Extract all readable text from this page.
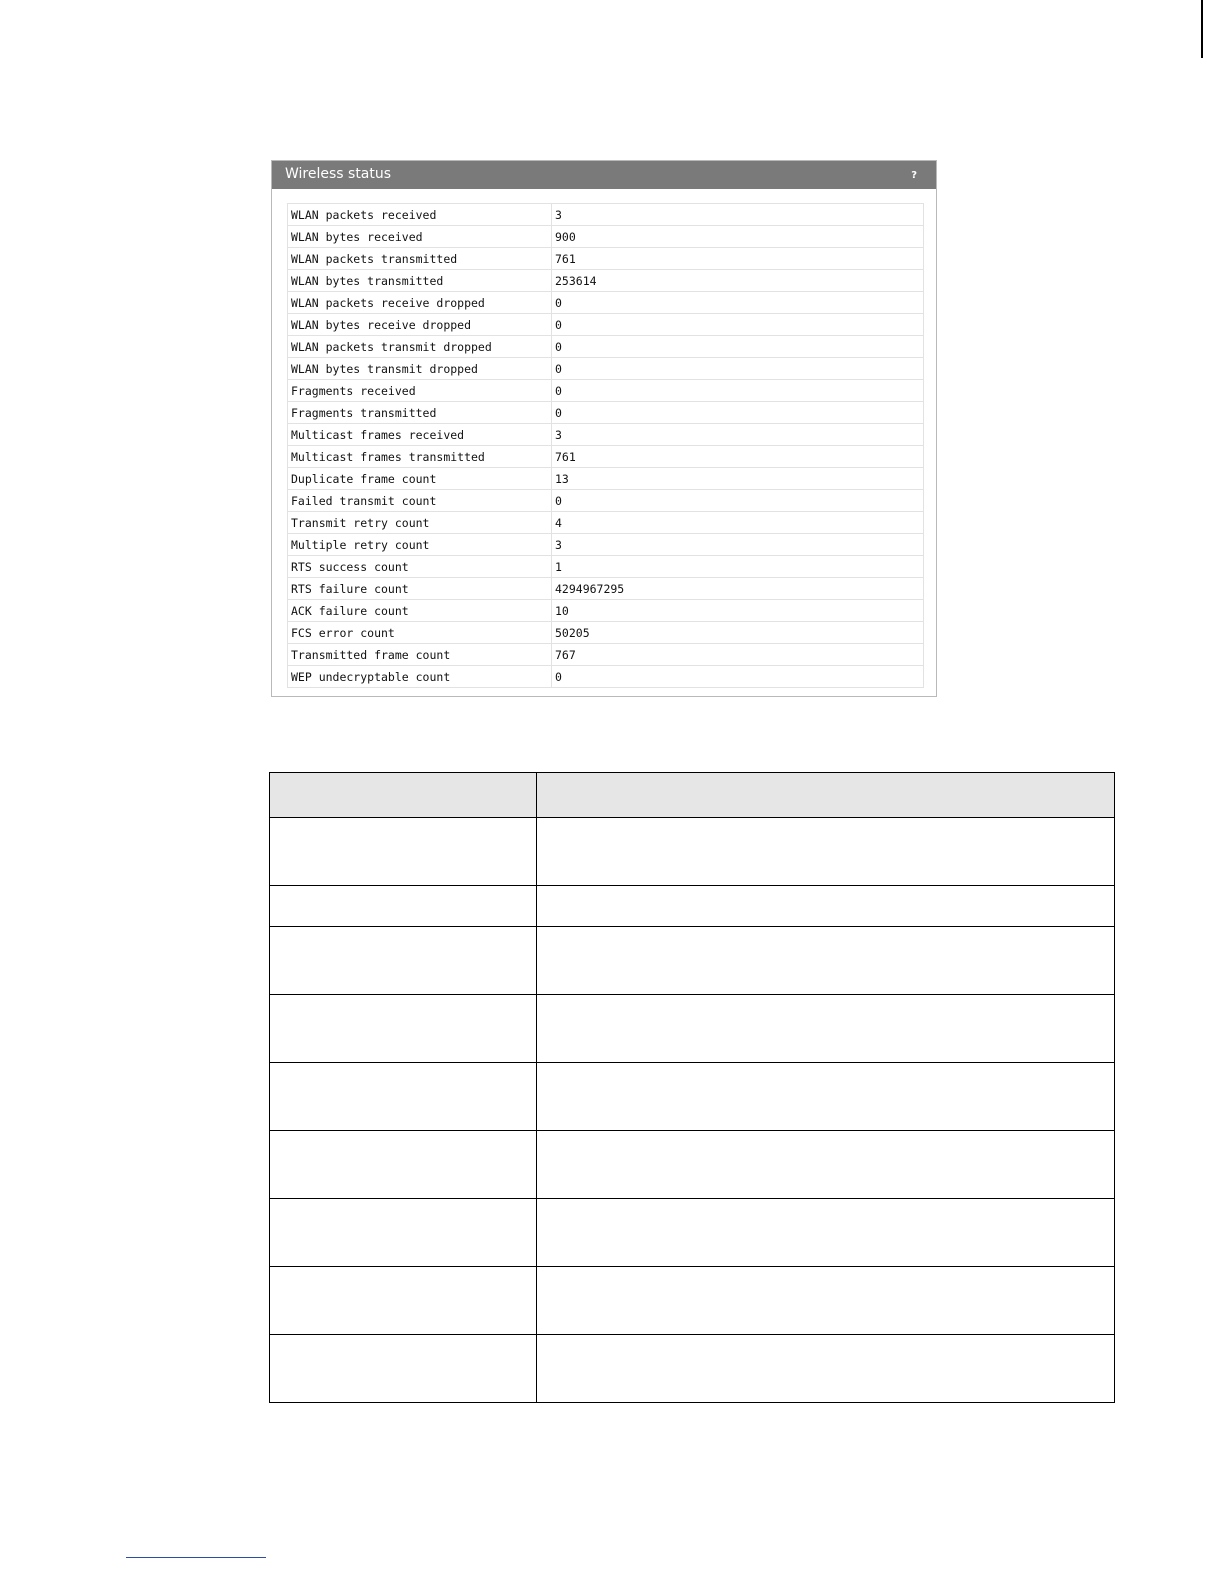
Wireless status	?
WLAN packets received	3
WLAN bytes received	900
WLAN packets transmitted	761
WLAN bytes transmitted	253614
WLAN packets receive dropped	0
WLAN bytes receive dropped	0
WLAN packets transmit dropped	0
WLAN bytes transmit dropped	0
Fragments received	0
Fragments transmitted	0
Multicast frames received	3
Multicast frames transmitted	761
Duplicate frame count	13
Failed transmit count	0
Transmit retry count	4
Multiple retry count	3
RTS success count	1
RTS failure count	4294967295
ACK failure count	10
FCS error count	50205
Transmitted frame count	767
WEP undecryptable count	0
